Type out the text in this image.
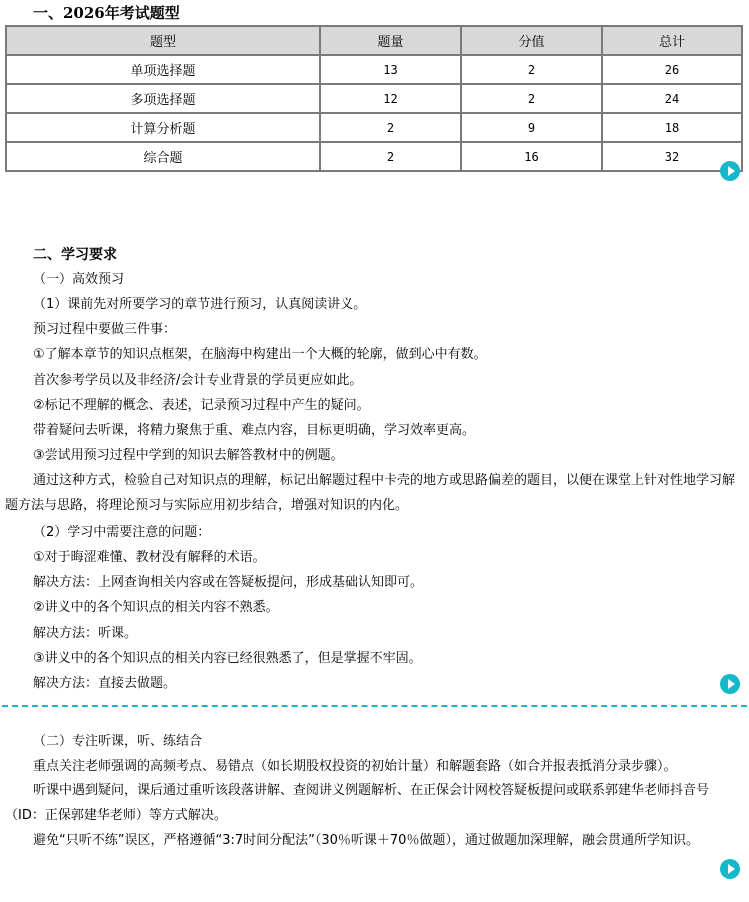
一、2026年考试题型
题型	题量	分值	总计
单项选择题	13	2	26
多项选择题	12	2	24
计算分析题	2	9	18
综合题	2	16	32
二、学习要求
（一）高效预习
（1）课前先对所要学习的章节进行预习，认真阅读讲义。
预习过程中要做三件事：
①了解本章节的知识点框架，在脑海中构建出一个大概的轮廓，做到心中有数。
首次参考学员以及非经济/会计专业背景的学员更应如此。
②标记不理解的概念、表述，记录预习过程中产生的疑问。
带着疑问去听课，将精力聚焦于重、难点内容，目标更明确，学习效率更高。
③尝试用预习过程中学到的知识去解答教材中的例题。
通过这种方式，检验自己对知识点的理解，标记出解题过程中卡壳的地方或思路偏差的题目，以便在课堂上针对性地学习解题方法与思路，将理论预习与实际应用初步结合，增强对知识的内化。
（2）学习中需要注意的问题：
①对于晦涩难懂、教材没有解释的术语。
解决方法：上网查询相关内容或在答疑板提问，形成基础认知即可。
②讲义中的各个知识点的相关内容不熟悉。
解决方法：听课。
③讲义中的各个知识点的相关内容已经很熟悉了，但是掌握不牢固。
解决方法：直接去做题。
（二）专注听课，听、练结合
重点关注老师强调的高频考点、易错点（如长期股权投资的初始计量）和解题套路（如合并报表抵消分录步骤）。
听课中遇到疑问，课后通过重听该段落讲解、查阅讲义例题解析、在正保会计网校答疑板提问或联系郭建华老师抖音号（ID：正保郭建华老师）等方式解决。
避免“只听不练”误区，严格遵循“3:7时间分配法”（30％听课＋70％做题），通过做题加深理解，融会贯通所学知识。
